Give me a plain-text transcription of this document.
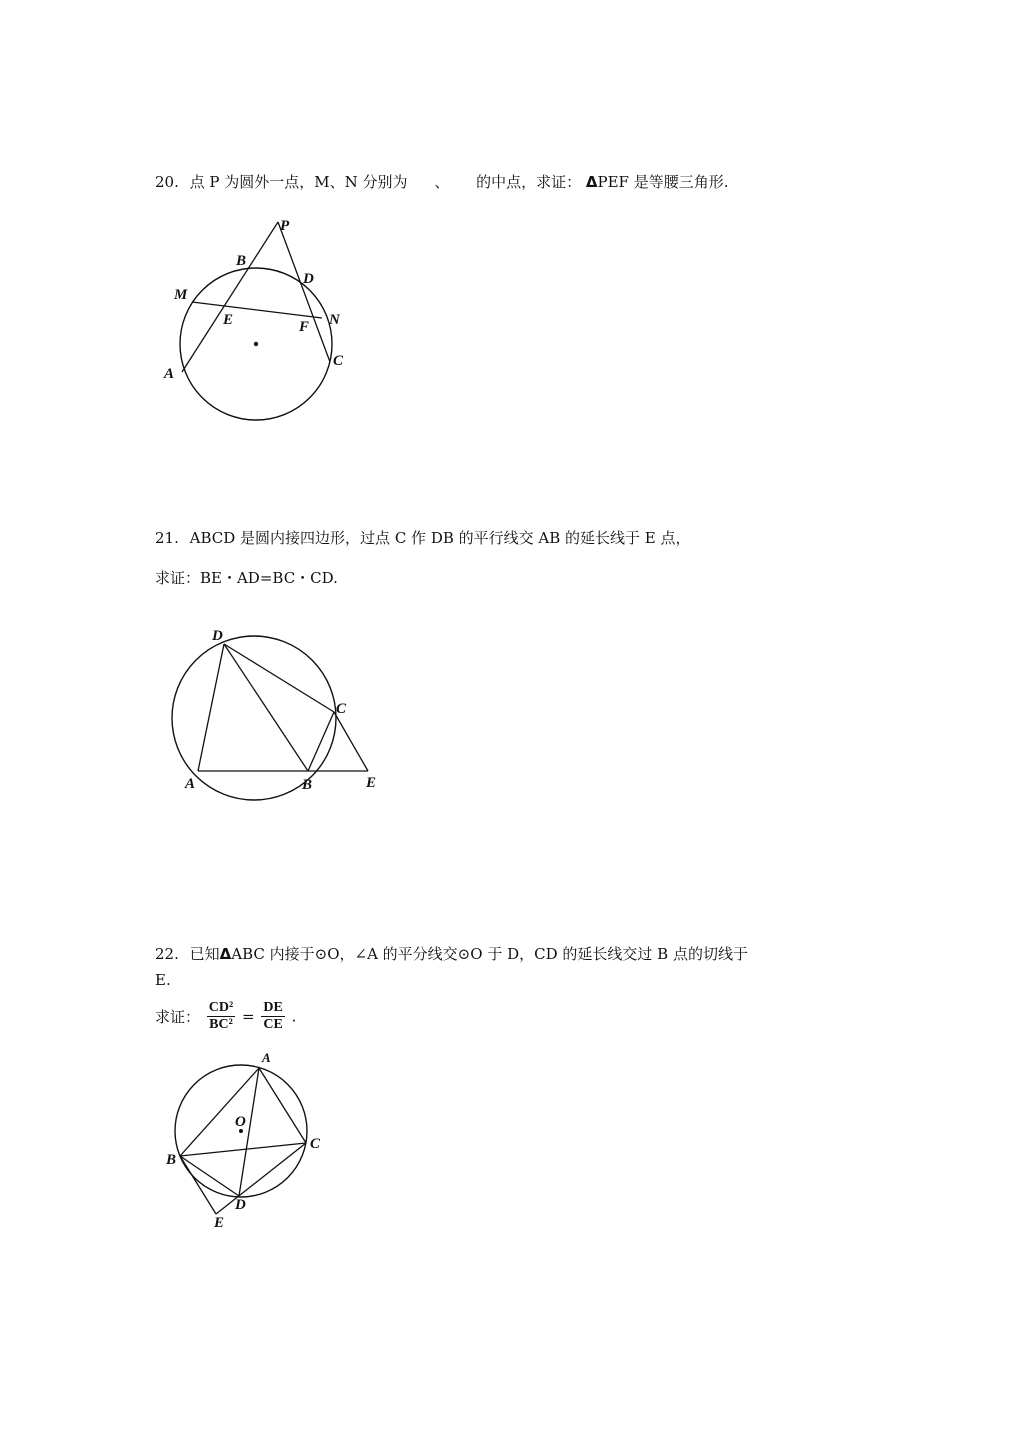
20. 点 P 为圆外一点，M、N 分别为 、 的中点，求证： ΔPEF 是等腰三角形.
P
B
D
M
E	F N
A
C
21. ABCD 是圆内接四边形，过点 C 作 DB 的平行线交 AB 的延长线于 E 点，
求证：BE・AD=BC・CD.
D
C
A	B	E
22. 已知ΔABC 内接于⊙O，∠A 的平分线交⊙O 于 D，CD 的延长线交过 B 点的切线于
E.
求证： $\frac{\text{CD²}}{\text{BC²}} = \frac{DE}{CE}$ .
A
O
C
B
D
E
